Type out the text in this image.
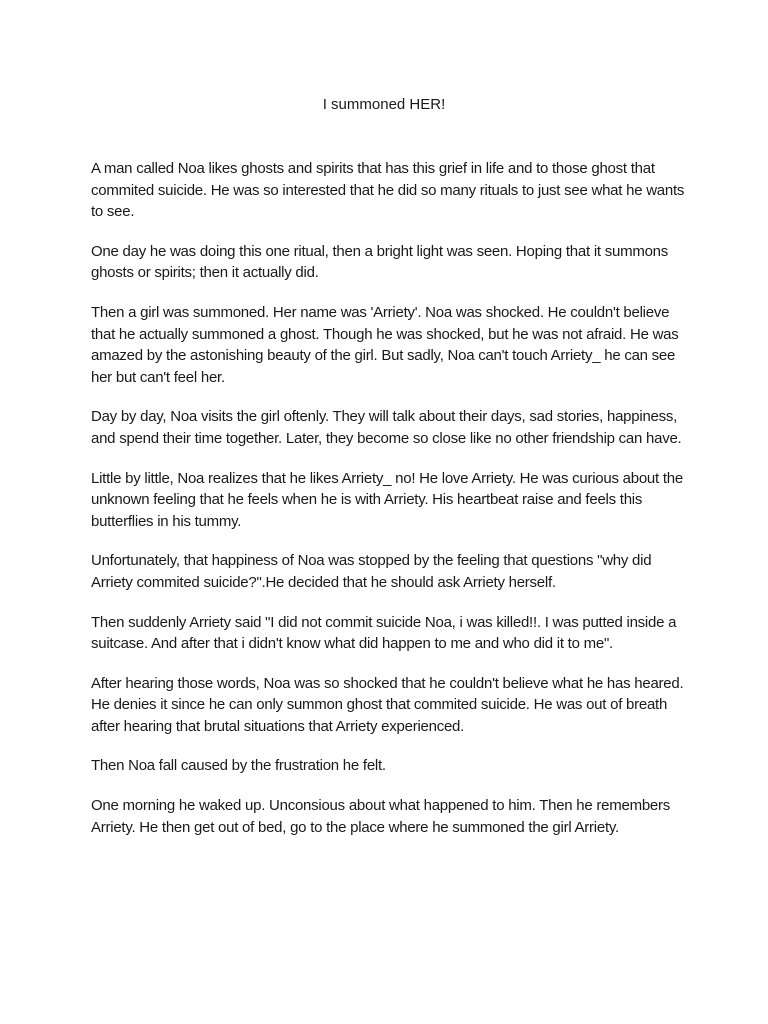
I summoned HER!

A man called Noa likes ghosts and spirits that has this grief in life and to those ghost that commited suicide. He was so interested that he did so many rituals to just see what he wants to see.

One day he was doing this one ritual, then a bright light was seen. Hoping that it summons ghosts or spirits; then it actually did.

Then a girl was summoned. Her name was 'Arriety'. Noa was shocked. He couldn't believe that he actually summoned a ghost. Though he was shocked, but he was not afraid. He was amazed by the astonishing beauty of the girl. But sadly, Noa can't touch Arriety_ he can see her but can't feel her.

Day by day, Noa visits the girl oftenly. They will talk about their days, sad stories, happiness, and spend their time together. Later, they become so close like no other friendship can have.

Little by little, Noa realizes that he likes Arriety_ no! He love Arriety. He was curious about the unknown feeling that he feels when he is with Arriety. His heartbeat raise and feels this butterflies in his tummy.

Unfortunately, that happiness of Noa was stopped by the feeling that questions "why did Arriety commited suicide?".He decided that he should ask Arriety herself.

Then suddenly Arriety said "I did not commit suicide Noa, i was killed!!. I was putted inside a suitcase. And after that i didn't know what did happen to me and who did it to me".

After hearing those words, Noa was so shocked that he couldn't believe what he has heared. He denies it since he can only summon ghost that commited suicide. He was out of breath after hearing that brutal situations that Arriety experienced.

Then Noa fall caused by the frustration he felt.

One morning he waked up. Unconsious about what happened to him. Then he remembers Arriety. He then get out of bed, go to the place where he summoned the girl Arriety.
